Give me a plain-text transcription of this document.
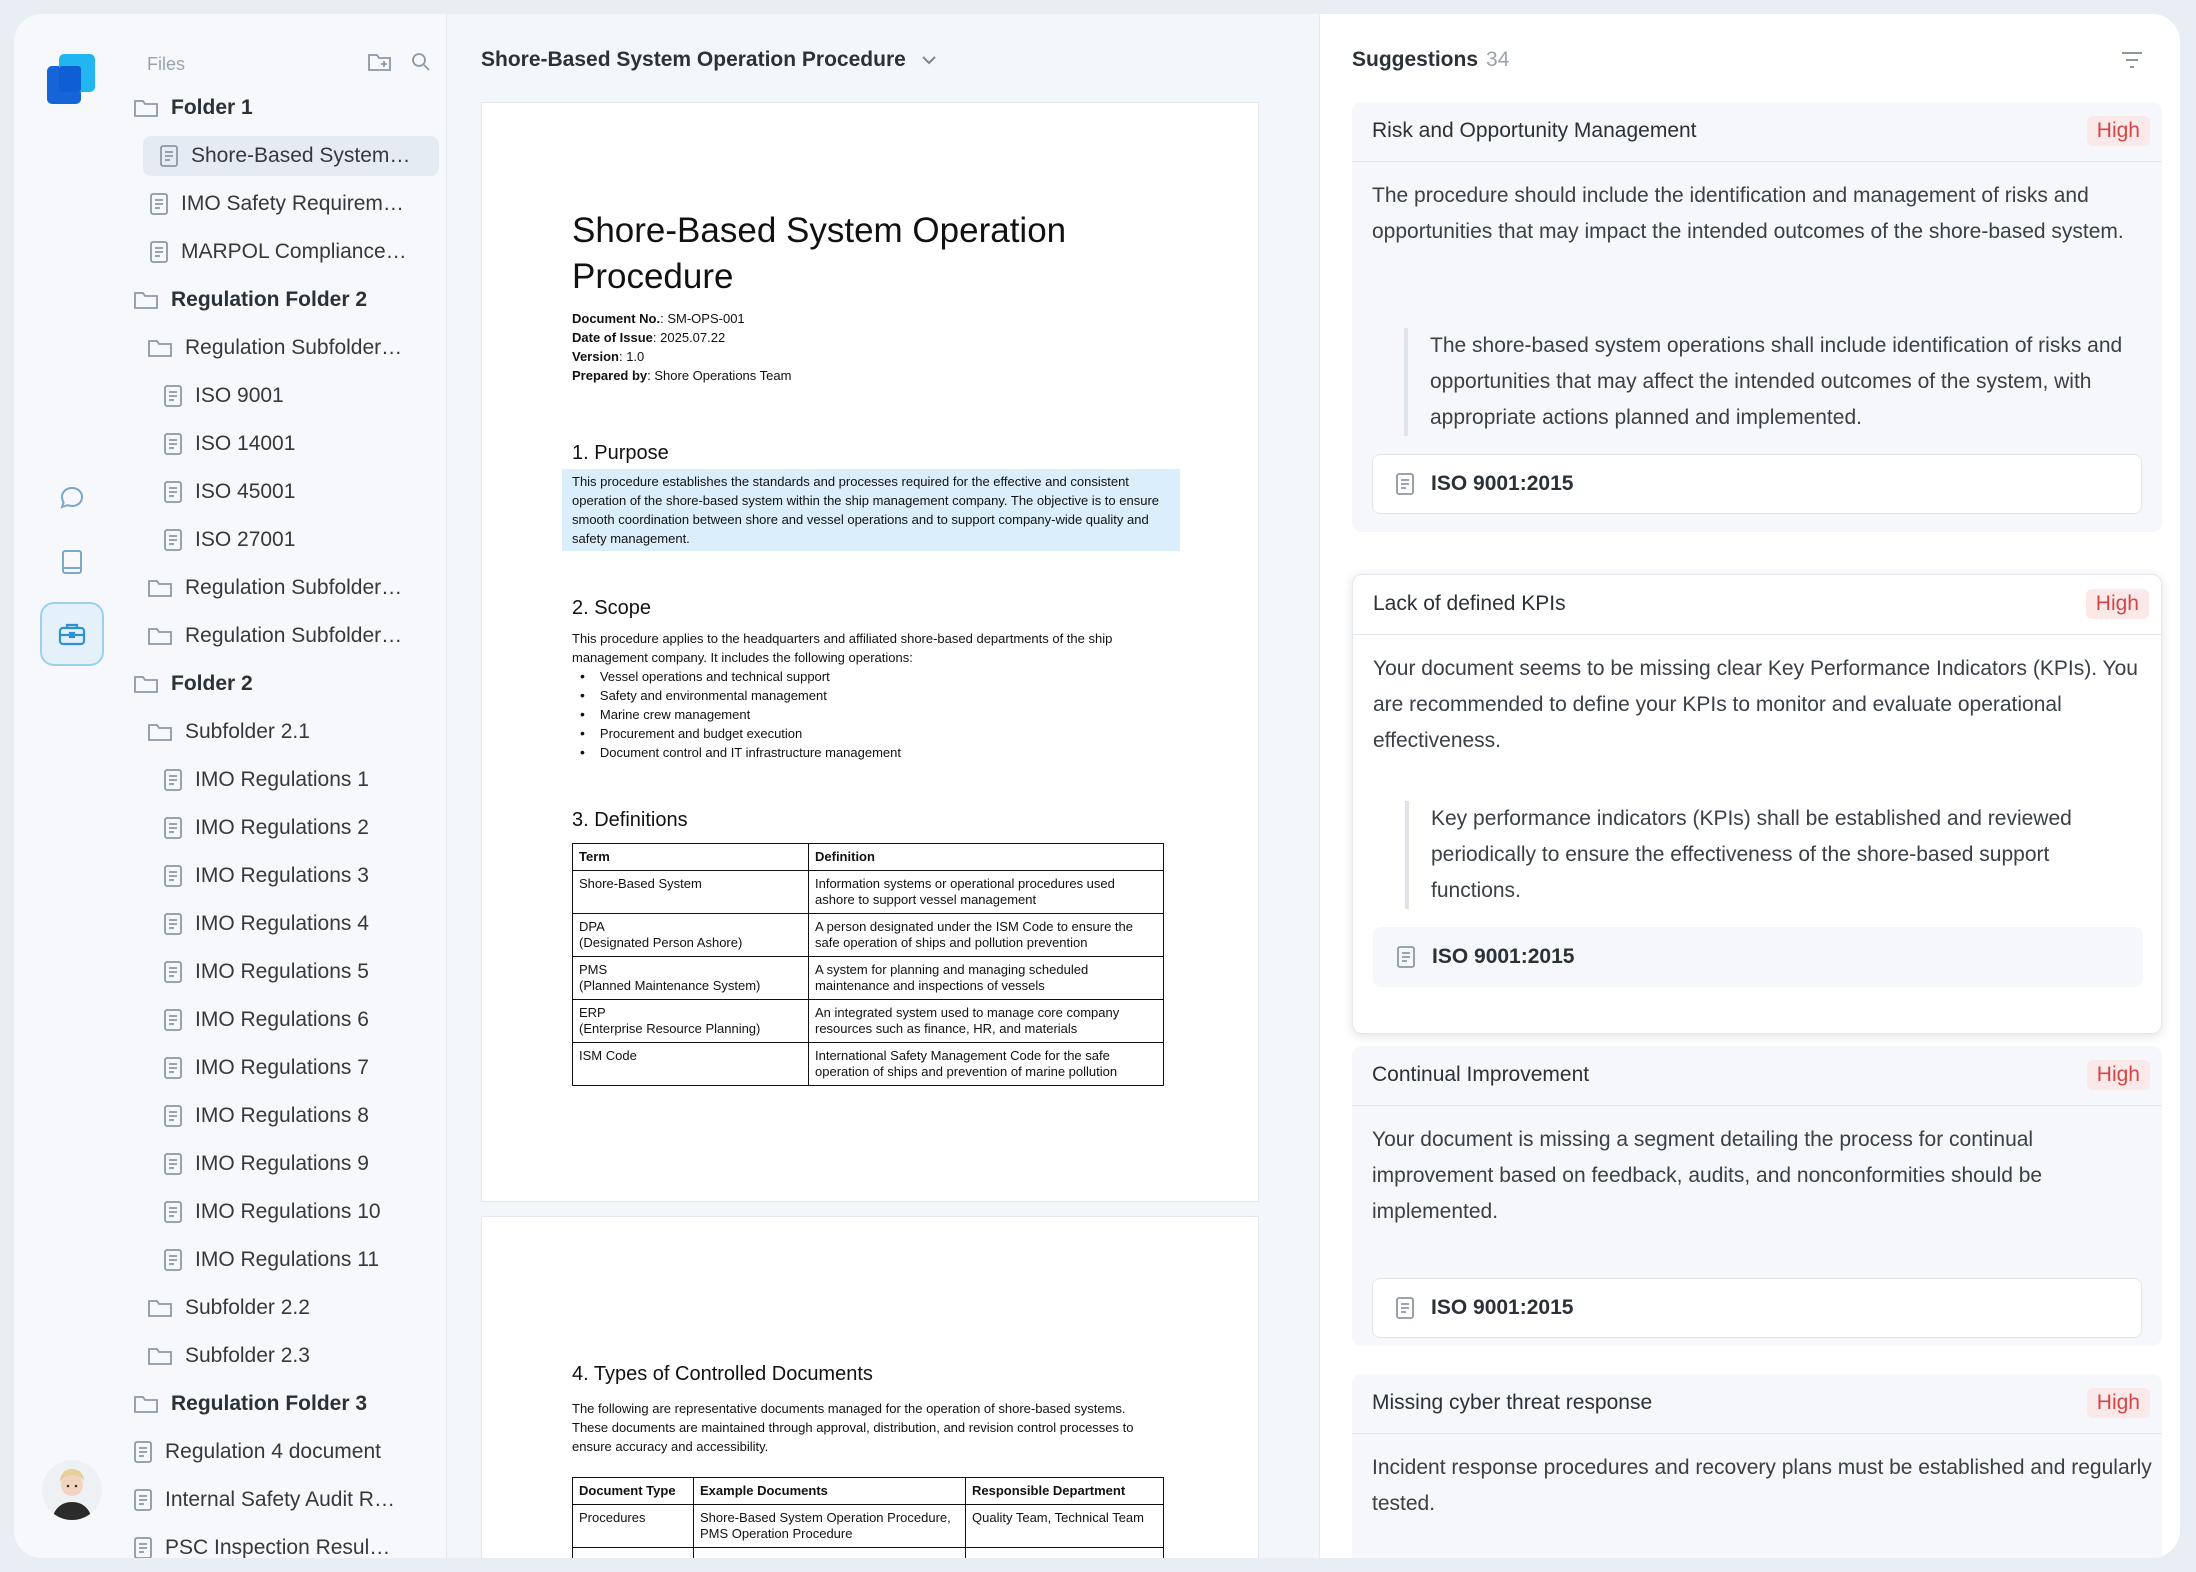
Files
Folder 1
Shore-Based System…
IMO Safety Requirem…
MARPOL Compliance…
Regulation Folder 2
Regulation Subfolder…
ISO 9001
ISO 14001
ISO 45001
ISO 27001
Regulation Subfolder…
Regulation Subfolder…
Folder 2
Subfolder 2.1
IMO Regulations 1
IMO Regulations 2
IMO Regulations 3
IMO Regulations 4
IMO Regulations 5
IMO Regulations 6
IMO Regulations 7
IMO Regulations 8
IMO Regulations 9
IMO Regulations 10
IMO Regulations 11
Subfolder 2.2
Subfolder 2.3
Regulation Folder 3
Regulation 4 document
Internal Safety Audit R…
PSC Inspection Resul…
Shore-Based System Operation Procedure
Shore-Based System Operation Procedure
Document No.: SM-OPS-001
Date of Issue: 2025.07.22
Version: 1.0
Prepared by: Shore Operations Team
1. Purpose
This procedure establishes the standards and processes required for the effective and consistent operation of the shore-based system within the ship management company. The objective is to ensure smooth coordination between shore and vessel operations and to support company-wide quality and safety management.
2. Scope
This procedure applies to the headquarters and affiliated shore-based departments of the ship management company. It includes the following operations:
• Vessel operations and technical support
• Safety and environmental management
• Marine crew management
• Procurement and budget execution
• Document control and IT infrastructure management
3. Definitions
Term	Definition
Shore-Based System	Information systems or operational procedures used ashore to support vessel management
DPA
(Designated Person Ashore)	A person designated under the ISM Code to ensure the safe operation of ships and pollution prevention
PMS
(Planned Maintenance System)	A system for planning and managing scheduled maintenance and inspections of vessels
ERP
(Enterprise Resource Planning)	An integrated system used to manage core company resources such as finance, HR, and materials
ISM Code	International Safety Management Code for the safe operation of ships and prevention of marine pollution
4. Types of Controlled Documents
The following are representative documents managed for the operation of shore-based systems. These documents are maintained through approval, distribution, and revision control processes to ensure accuracy and accessibility.
Document Type	Example Documents	Responsible Department
Procedures	Shore-Based System Operation Procedure, PMS Operation Procedure	Quality Team, Technical Team

Suggestions 34
Risk and Opportunity Management	High
The procedure should include the identification and management of risks and opportunities that may impact the intended outcomes of the shore-based system.
The shore-based system operations shall include identification of risks and opportunities that may affect the intended outcomes of the system, with appropriate actions planned and implemented.
ISO 9001:2015
Lack of defined KPIs	High
Your document seems to be missing clear Key Performance Indicators (KPIs). You are recommended to define your KPIs to monitor and evaluate operational effectiveness.
Key performance indicators (KPIs) shall be established and reviewed periodically to ensure the effectiveness of the shore-based support functions.
ISO 9001:2015
Continual Improvement	High
Your document is missing a segment detailing the process for continual improvement based on feedback, audits, and nonconformities should be implemented.
ISO 9001:2015
Missing cyber threat response	High
Incident response procedures and recovery plans must be established and regularly tested.
